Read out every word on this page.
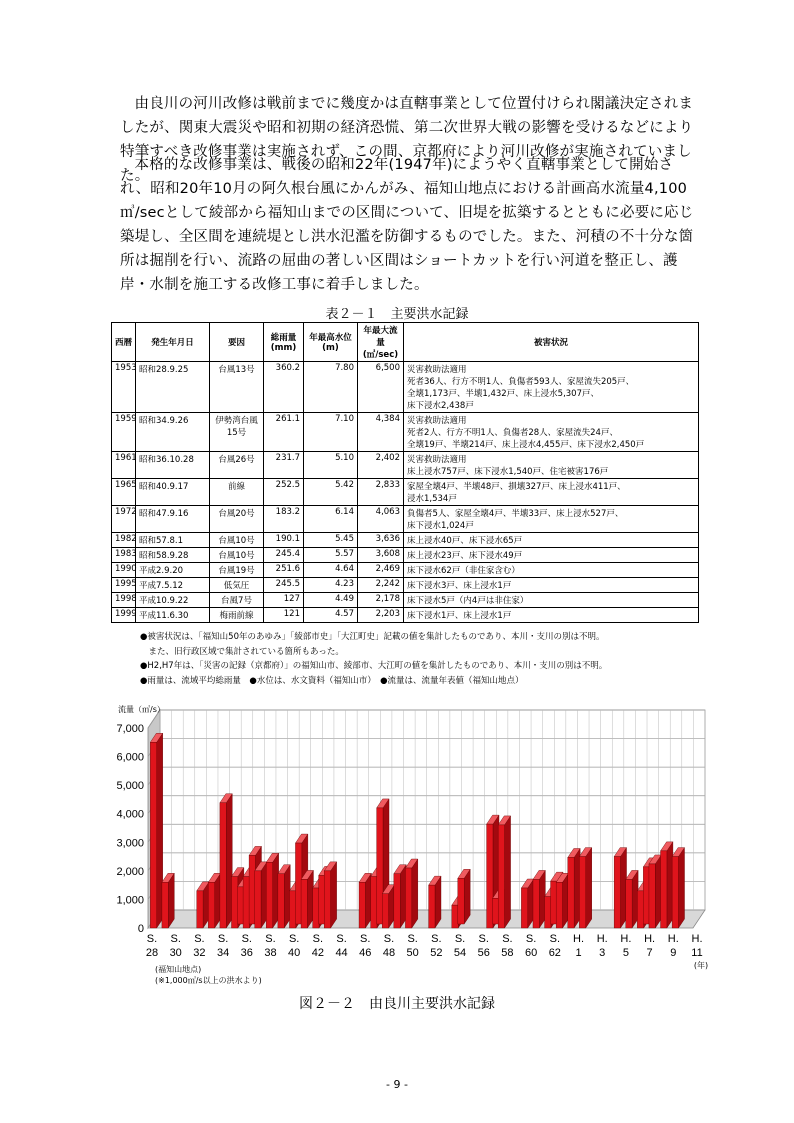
由良川の河川改修は戦前までに幾度かは直轄事業として位置付けられ閣議決定されましたが、関東大震災や昭和初期の経済恐慌、第二次世界大戦の影響を受けるなどにより特筆すべき改修事業は実施されず、この間、京都府により河川改修が実施されていました。

本格的な改修事業は、戦後の昭和22年(1947年)にようやく直轄事業として開始され、昭和20年10月の阿久根台風にかんがみ、福知山地点における計画高水流量4,100㎥/secとして綾部から福知山までの区間について、旧堤を拡築するとともに必要に応じ築堤し、全区間を連続堤とし洪水氾濫を防御するものでした。また、河積の不十分な箇所は掘削を行い、流路の屈曲の著しい区間はショートカットを行い河道を整正し、護岸・水制を施工する改修工事に着手しました。

表２－１　主要洪水記録
西暦	発生年月日	要因	総雨量(mm)	年最高水位(m)	年最大流量(㎥/sec)	被害状況
1953	昭和28.9.25	台風13号	360.2	7.80	6,500	災害救助法適用
死者36人、行方不明1人、負傷者593人、家屋流失205戸、
全壊1,173戸、半壊1,432戸、床上浸水5,307戸、
床下浸水2,438戸

1959	昭和34.9.26	伊勢湾台風15号	261.1	7.10	4,384	災害救助法適用
死者2人、行方不明1人、負傷者28人、家屋流失24戸、
全壊19戸、半壊214戸、床上浸水4,455戸、床下浸水2,450戸

1961	昭和36.10.28	台風26号	231.7	5.10	2,402	災害救助法適用
床上浸水757戸、床下浸水1,540戸、住宅被害176戸

1965	昭和40.9.17	前線	252.5	5.42	2,833	家屋全壊4戸、半壊48戸、損壊327戸、床上浸水411戸、
浸水1,534戸

1972	昭和47.9.16	台風20号	183.2	6.14	4,063	負傷者5人、家屋全壊4戸、半壊33戸、床上浸水527戸、
床下浸水1,024戸

1982	昭和57.8.1	台風10号	190.1	5.45	3,636	床上浸水40戸、床下浸水65戸

1983	昭和58.9.28	台風10号	245.4	5.57	3,608	床上浸水23戸、床下浸水49戸

1990	平成2.9.20	台風19号	251.6	4.64	2,469	床下浸水62戸（非住家含む）

1995	平成7.5.12	低気圧	245.5	4.23	2,242	床下浸水3戸、床上浸水1戸

1998	平成10.9.22	台風7号	127	4.49	2,178	床下浸水5戸（内4戸は非住家）

1999	平成11.6.30	梅雨前線	121	4.57	2,203	床下浸水1戸、床上浸水1戸
●被害状況は、「福知山50年のあゆみ」「綾部市史」「大江町史」記載の値を集計したものであり、本川・支川の別は不明。
　また、旧行政区域で集計されている箇所もあった。
●H2,H7年は、「災害の記録（京都府）」の福知山市、綾部市、大江町の値を集計したものであり、本川・支川の別は不明。
●雨量は、流域平均総雨量　●水位は、水文資料（福知山市）　●流量は、流量年表値（福知山地点）
0
1,000
2,000
3,000
4,000
5,000
6,000
7,000
流量（㎥/s）
S.
28
S.
30
S.
32
S.
34
S.
36
S.
38
S.
40
S.
42
S.
44
S.
46
S.
48
S.
50
S.
52
S.
54
S.
56
S.
58
S.
60
S.
62
H.
1
H.
3
H.
5
H.
7
H.
9
H.
11
(年)
(福知山地点)
(※1,000㎥/s以上の洪水より)
図２－２　由良川主要洪水記録
- 9 -
